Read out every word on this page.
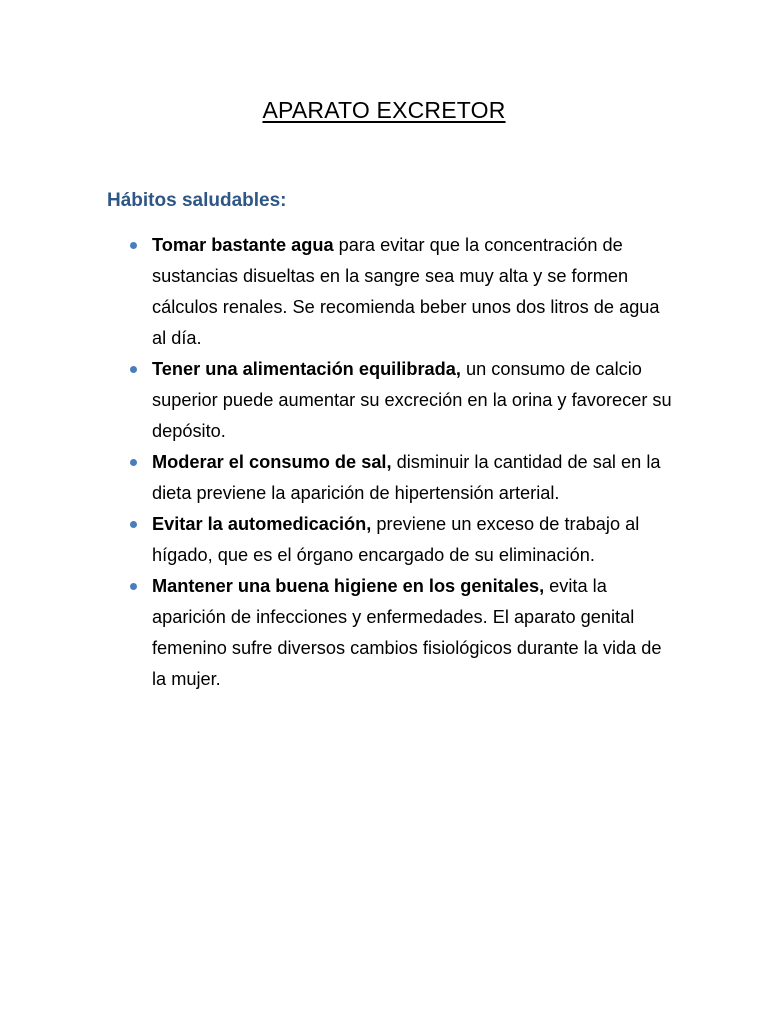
APARATO EXCRETOR
Hábitos saludables:
Tomar bastante agua para evitar que la concentración de sustancias disueltas en la sangre sea muy alta y se formen cálculos renales. Se recomienda beber unos dos litros de agua al día.
Tener una alimentación equilibrada, un consumo de calcio superior puede aumentar su excreción en la orina y favorecer su depósito.
Moderar el consumo de sal, disminuir la cantidad de sal en la dieta previene la aparición de hipertensión arterial.
Evitar la automedicación, previene un exceso de trabajo al hígado, que es el órgano encargado de su eliminación.
Mantener una buena higiene en los genitales, evita la aparición de infecciones y enfermedades. El aparato genital femenino sufre diversos cambios fisiológicos durante la vida de la mujer.
